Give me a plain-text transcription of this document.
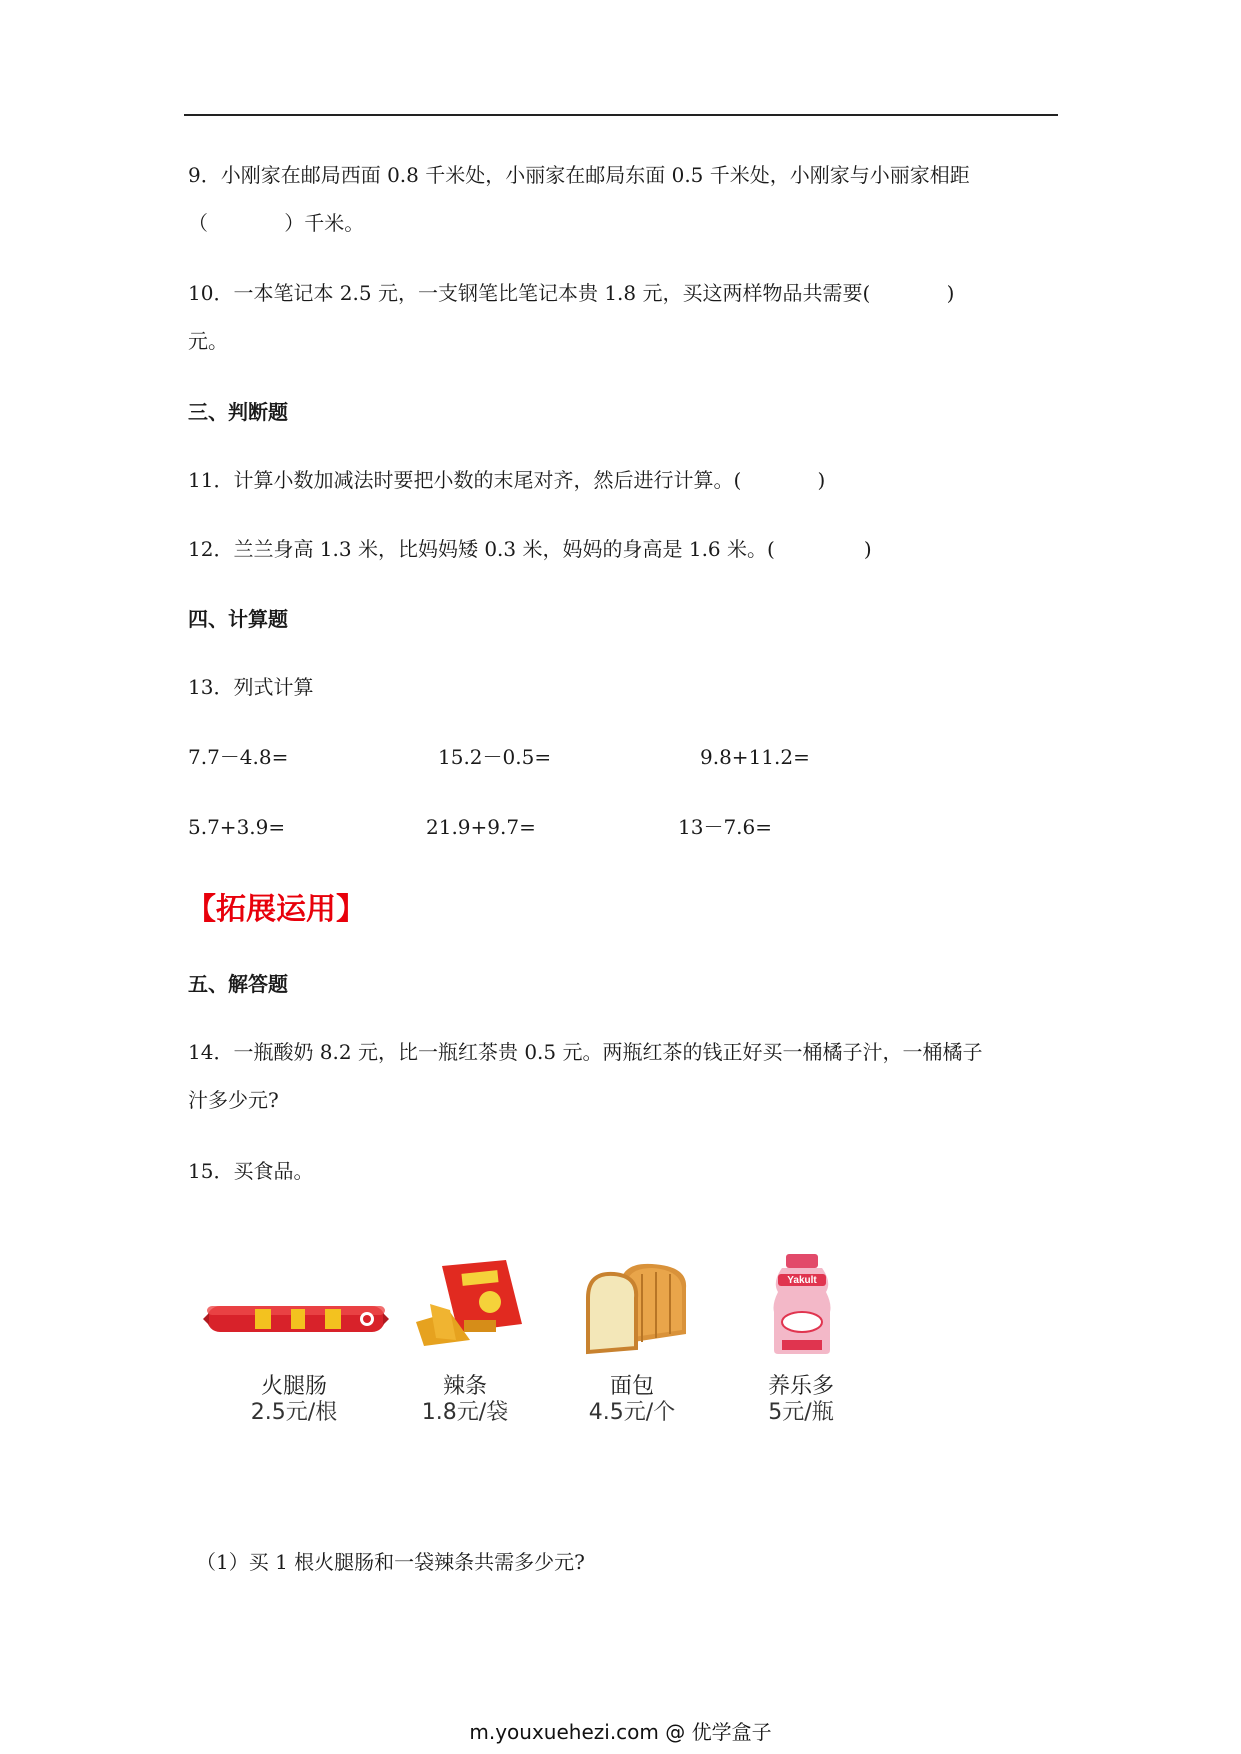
9．小刚家在邮局西面 0.8 千米处，小丽家在邮局东面 0.5 千米处，小刚家与小丽家相距
（            ）千米。
10．一本笔记本 2.5 元，一支钢笔比笔记本贵 1.8 元，买这两样物品共需要(            )
元。
三、判断题
11．计算小数加减法时要把小数的末尾对齐，然后进行计算。(            )
12．兰兰身高 1.3 米，比妈妈矮 0.3 米，妈妈的身高是 1.6 米。(              )
四、计算题
13．列式计算
7.7－4.8=	15.2－0.5=	9.8+11.2=
5.7+3.9=	21.9+9.7=	13－7.6=
【拓展运用】
五、解答题
14．一瓶酸奶 8.2 元，比一瓶红茶贵 0.5 元。两瓶红茶的钱正好买一桶橘子汁，一桶橘子
汁多少元?
15．买食品。
Yakult
火腿肠
2.5元/根
辣条
1.8元/袋
面包
4.5元/个
养乐多
5元/瓶
（1）买 1 根火腿肠和一袋辣条共需多少元?
m.youxuehezi.com @ 优学盒子
